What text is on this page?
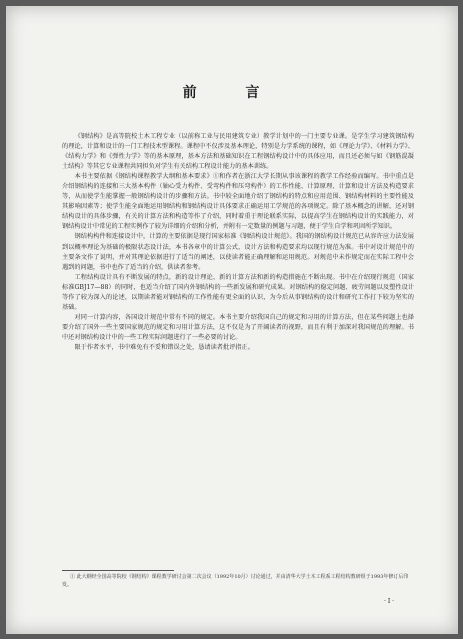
前 言

《钢结构》是高等院校土木工程专业（以前称工业与民用建筑专业）教学计划中的一门主要专业课。是学生学习建筑钢结构的理论，计算和设计的一门工程技术型课程。课程中不仅涉及基本理论，特别是力学系统的课程，如《理论力学》、《材料力学》、《结构力学》和《弹性力学》等的基本原理，基本方法和基础知识在工程钢结构设计中的具体应用，而且还必须与如《钢筋混凝土结构》等其它专业课程共同担负对学生有关结构工程设计能力的基本训练。

本书主要依据《钢结构课程教学大纲和基本要求》①和作者在浙江大学长期从事该课程的教学工作经验而编写。书中重点是介绍钢结构的连接和三大基本构件（轴心受力构件、受弯构件和压弯构件）的工作性能、计算原理、计算和设计方法及构造要求等，从而使学生能掌握一般钢结构设计的步骤和方法。书中较全面地介绍了钢结构的特点和应用范围、钢结构材料的主要性能及其影响因素等；使学生能全面地运用钢结构和钢结构设计具体要求正确运用工学规范的各项规定。除了基本概念的讲解，还对钢结构设计的具体步骤，有关的计算方法和构造等作了介绍，同时着重于理论联系实际，以提高学生在钢结构设计的实践能力，对钢结构设计中常见的工程实例作了较为详细的介绍和分析，并附有一定数量的例题与习题，便于学生自学和巩固所学知识。

钢结构构件和连接设计中，计算的主要依据是现行国家标准《钢结构设计规范》。我国的钢结构设计规范已从容许应力法发展到以概率理论为基础的极限状态设计法，本书各章中的计算公式、设计方法和构造要求均以现行规范为准。书中对设计规范中的主要条文作了说明，并对其理论依据进行了适当的阐述，以使读者能正确理解和运用规范。对规范中未作规定而在实际工程中会遇到的问题，书中也作了适当的介绍，供读者参考。

工程结构设计具有不断发展的特点，新的设计理论、新的计算方法和新的构造措施在不断出现。书中在介绍现行规范（国家标准GBJ17—88）的同时，也适当介绍了国内外钢结构的一些新发展和研究成果。对钢结构的稳定问题、疲劳问题以及塑性设计等作了较为深入的论述，以期读者能对钢结构的工作性能有更全面的认识，为今后从事钢结构的设计和研究工作打下较为坚实的基础。

对同一计算内容，各国设计规范中常有不同的规定。本书主要介绍我国自己的规定和习用的计算方法，但在某些问题上也择要介绍了国外一些主要国家规范的规定和习用计算方法，这不仅是为了开阔读者的视野，而且有利于加深对我国规范的理解。书中还对钢结构设计中的一些工程实际问题进行了一些必要的讨论。

限于作者水平，书中难免有不妥和错误之处，恳请读者批评指正。

① 此大纲经全国高等院校《钢结构》课程教学研讨会第二次会议（1992年10月）讨论通过，并由清华大学土木工程系工程结构教研组于1993年修订后印发。
· I ·
